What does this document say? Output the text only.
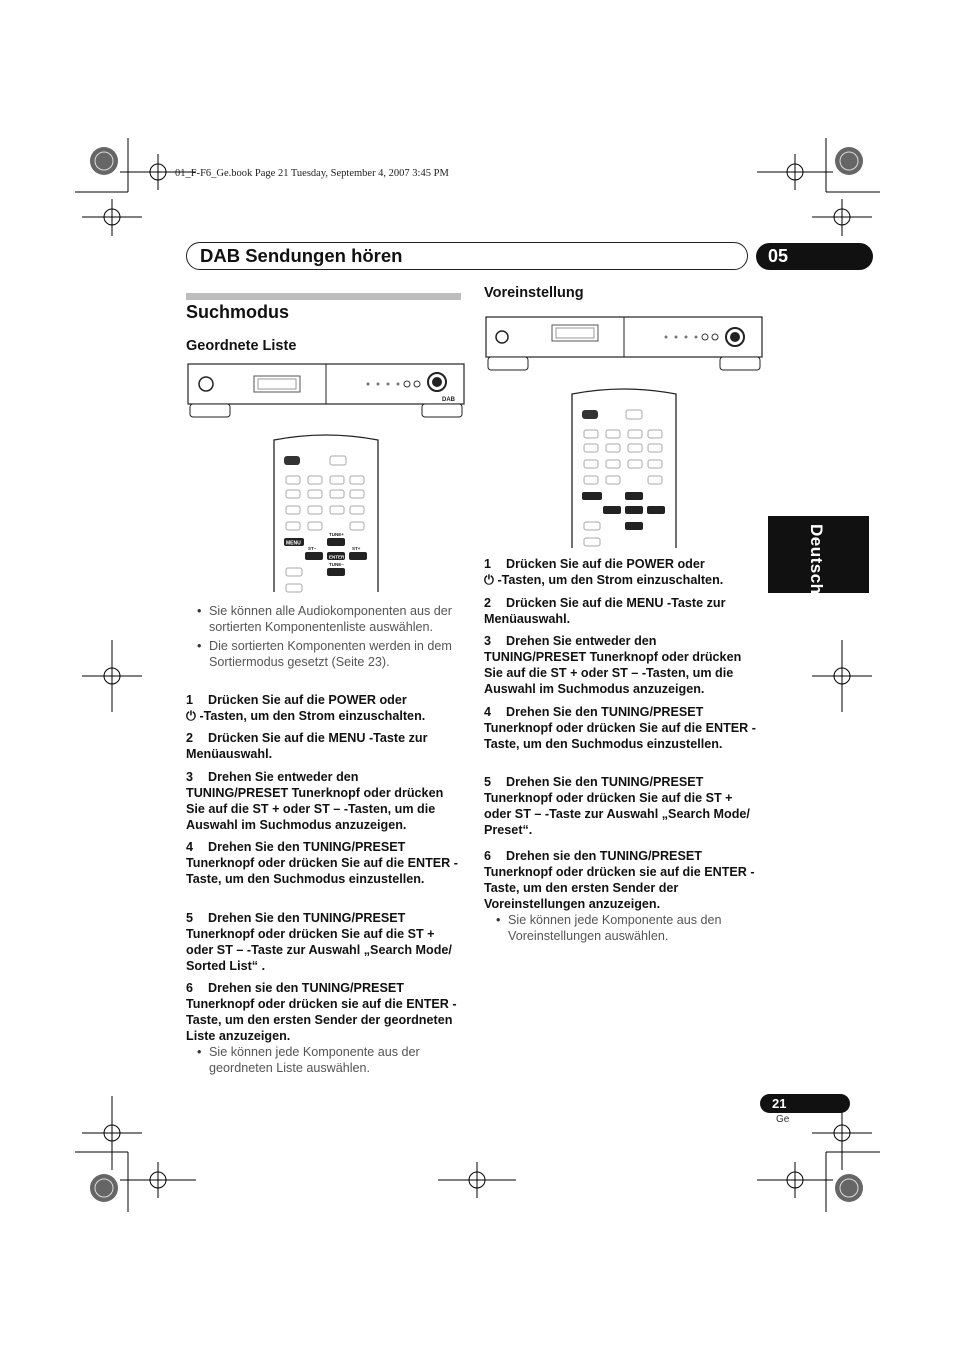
01_F-F6_Ge.book Page 21 Tuesday, September 4, 2007 3:45 PM
DAB Sendungen hören	05
Deutsch
Suchmodus
Geordnete Liste
DAB
MENU
ENTER
TUNE+
TUNE–
ST–	ST+
• Sie können alle Audiokomponenten aus der sortierten Komponentenliste auswählen.
• Die sortierten Komponenten werden in dem Sortiermodus gesetzt (Seite 23).
1 Drücken Sie auf die POWER oder
⏻ -Tasten, um den Strom einzuschalten.
2 Drücken Sie auf die MENU -Taste zur Menüauswahl.
3 Drehen Sie entweder den TUNING/PRESET Tunerknopf oder drücken Sie auf die ST + oder ST – -Tasten, um die Auswahl im Suchmodus anzuzeigen.
4 Drehen Sie den TUNING/PRESET Tunerknopf oder drücken Sie auf die ENTER -Taste, um den Suchmodus einzustellen.
5 Drehen Sie den TUNING/PRESET Tunerknopf oder drücken Sie auf die ST + oder ST – -Taste zur Auswahl „Search Mode/ Sorted List“ .
6 Drehen sie den TUNING/PRESET Tunerknopf oder drücken sie auf die ENTER -Taste, um den ersten Sender der geordneten Liste anzuzeigen.
• Sie können jede Komponente aus der geordneten Liste auswählen.
Voreinstellung
1 Drücken Sie auf die POWER oder
⏻ -Tasten, um den Strom einzuschalten.
2 Drücken Sie auf die MENU -Taste zur Menüauswahl.
3 Drehen Sie entweder den TUNING/PRESET Tunerknopf oder drücken Sie auf die ST + oder ST – -Tasten, um die Auswahl im Suchmodus anzuzeigen.
4 Drehen Sie den TUNING/PRESET Tunerknopf oder drücken Sie auf die ENTER -Taste, um den Suchmodus einzustellen.
5 Drehen Sie den TUNING/PRESET Tunerknopf oder drücken Sie auf die ST + oder ST – -Taste zur Auswahl „Search Mode/ Preset“.
6 Drehen sie den TUNING/PRESET Tunerknopf oder drücken sie auf die ENTER -Taste, um den ersten Sender der Voreinstellungen anzuzeigen.
• Sie können jede Komponente aus den Voreinstellungen auswählen.
21
Ge
